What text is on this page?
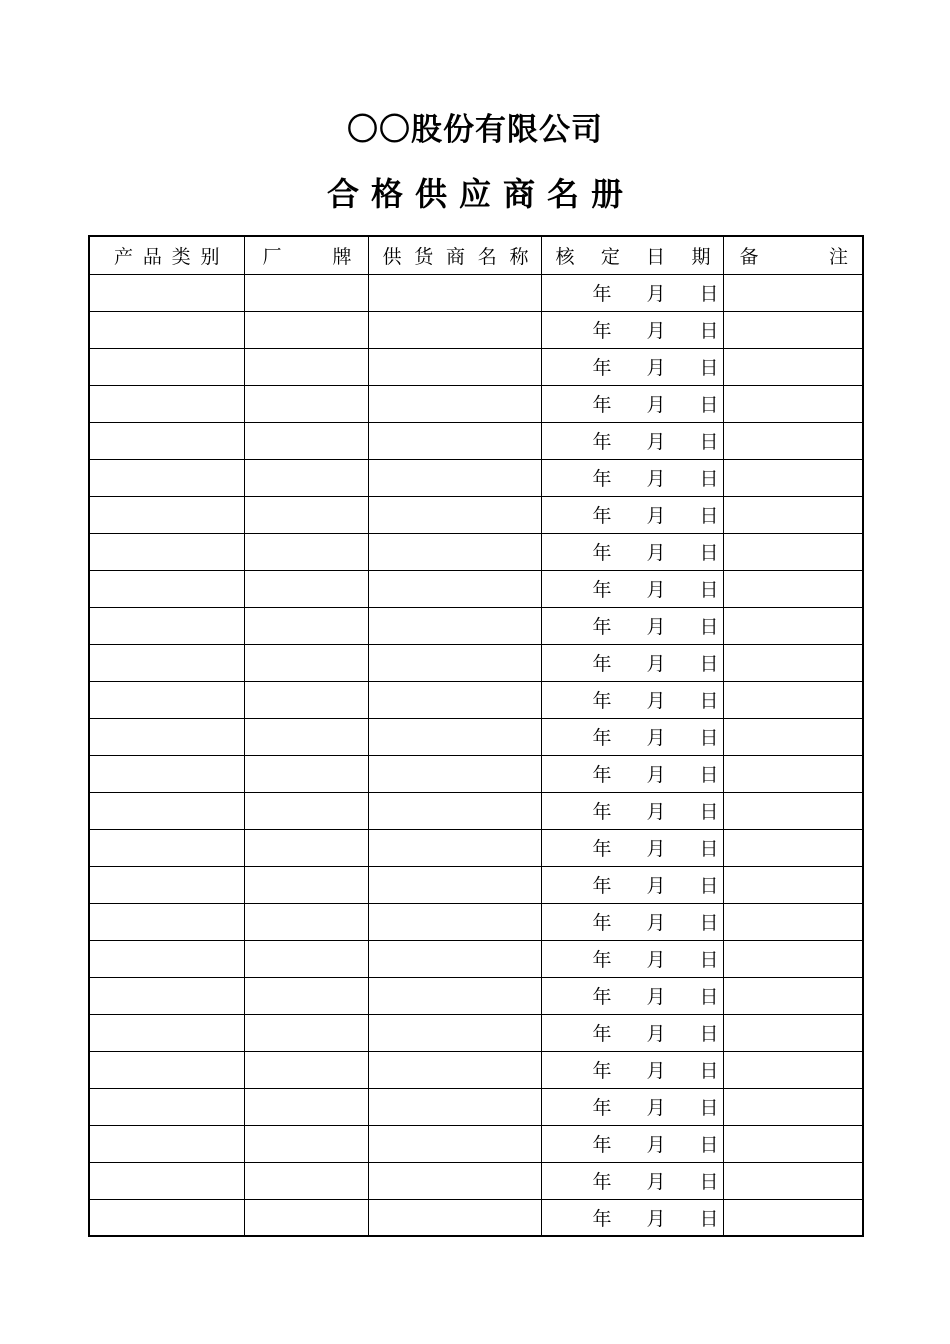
〇〇股份有限公司
合格供应商名册
产 品 类 别	厂 牌	供 货 商 名 称	核 定 日 期	备 注

			年 月 日	

			年 月 日	

			年 月 日	

			年 月 日	

			年 月 日	

			年 月 日	

			年 月 日	

			年 月 日	

			年 月 日	

			年 月 日	

			年 月 日	

			年 月 日	

			年 月 日	

			年 月 日	

			年 月 日	

			年 月 日	

			年 月 日	

			年 月 日	

			年 月 日	

			年 月 日	

			年 月 日	

			年 月 日	

			年 月 日	

			年 月 日	

			年 月 日	

			年 月 日	
